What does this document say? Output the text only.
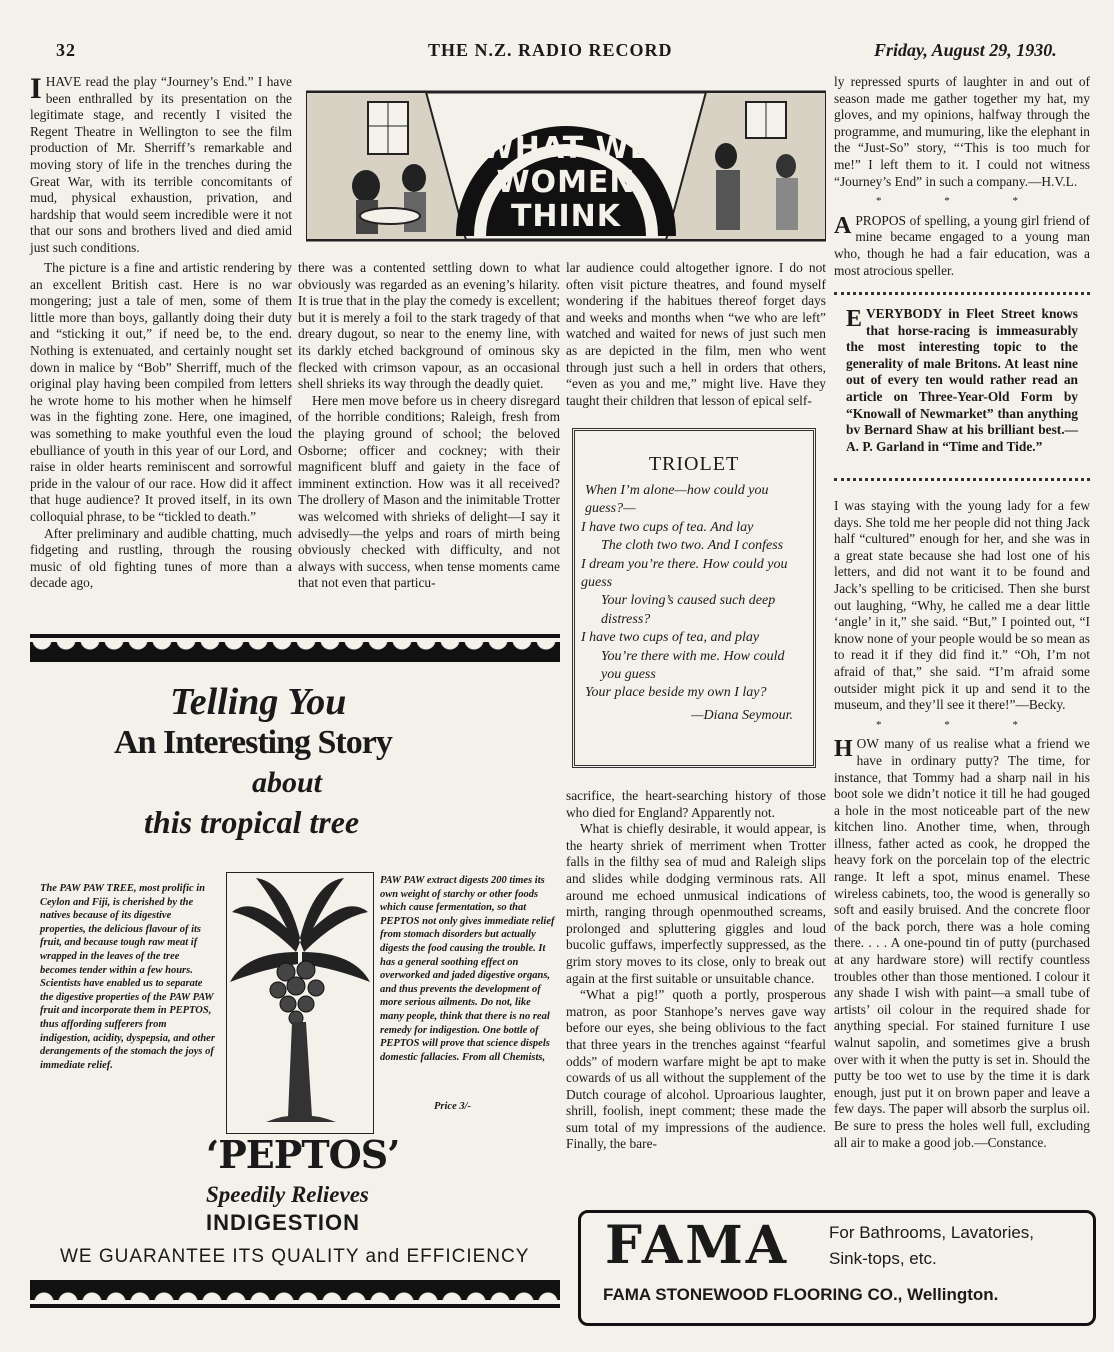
32	THE N.Z. RADIO RECORD	Friday, August 29, 1930.

IHAVE read the play “Journey’s End.” I have been enthralled by its presentation on the legitimate stage, and recently I visited the Regent Theatre in Wellington to see the film production of Mr. Sherriff’s remarkable and moving story of life in the trenches during the Great War, with its terrible concomitants of mud, physical exhaustion, privation, and hardship that would seem incredible were it not that our sons and brothers lived and died amid just such conditions.

WHAT WE
WOMEN
THINK

The picture is a fine and artistic rendering by an excellent British cast. Here is no war mongering; just a tale of men, some of them little more than boys, gallantly doing their duty and “sticking it out,” if need be, to the end. Nothing is extenuated, and certainly nought set down in malice by “Bob” Sherriff, much of the original play having been compiled from letters he wrote home to his mother when he himself was in the fighting zone. Here, one imagined, was something to make youthful even the loud ebulliance of youth in this year of our Lord, and raise in older hearts reminiscent and sorrowful pride in the valour of our race. How did it affect that huge audience? It proved itself, in its own colloquial phrase, to be “tickled to death.”

After preliminary and audible chatting, much fidgeting and rustling, through the rousing music of old fighting tunes of more than a decade ago,

there was a contented settling down to what obviously was regarded as an evening’s hilarity. It is true that in the play the comedy is excellent; but it is merely a foil to the stark tragedy of that dreary dugout, so near to the enemy line, with its darkly etched background of ominous sky flecked with crimson vapour, as an occasional shell shrieks its way through the deadly quiet.

Here men move before us in cheery disregard of the horrible conditions; Raleigh, fresh from the playing ground of school; the beloved Osborne; officer and cockney; with their magnificent bluff and gaiety in the face of imminent extinction. How was it all received? The drollery of Mason and the inimitable Trotter was welcomed with shrieks of delight—I say it advisedly—the yelps and roars of mirth being obviously checked with difficulty, and not always with success, when tense moments came that not even that particu-

lar audience could altogether ignore. I do not often visit picture theatres, and found myself wondering if the habitues thereof forget days and weeks and months when “we who are left” watched and waited for news of just such men as are depicted in the film, men who went through just such a hell in orders that others, “even as you and me,” might live. Have they taught their children that lesson of epical self-

TRIOLET
When I’m alone—how could you guess?—
I have two cups of tea. And lay
The cloth two two. And I confess
I dream you’re there. How could you guess
Your loving’s caused such deep distress?
I have two cups of tea, and play
You’re there with me. How could you guess
Your place beside my own I lay?
—Diana Seymour.

sacrifice, the heart-searching history of those who died for England? Apparently not.

What is chiefly desirable, it would appear, is the hearty shriek of merriment when Trotter falls in the filthy sea of mud and Raleigh slips and slides while dodging verminous rats. All around me echoed unmusical indications of mirth, ranging through openmouthed screams, prolonged and spluttering giggles and loud bucolic guffaws, imperfectly suppressed, as the grim story moves to its close, only to break out again at the first suitable or unsuitable chance.

“What a pig!” quoth a portly, prosperous matron, as poor Stanhope’s nerves gave way before our eyes, she being oblivious to the fact that three years in the trenches against “fearful odds” of modern warfare might be apt to make cowards of us all without the supplement of the Dutch courage of alcohol. Uproarious laughter, shrill, foolish, inept comment; these made the sum total of my impressions of the audience. Finally, the bare-

ly repressed spurts of laughter in and out of season made me gather together my hat, my gloves, and my opinions, halfway through the programme, and mumuring, like the elephant in the “Just-So” story, “‘This is too much for me!” I left them to it. I could not witness “Journey’s End” in such a company.—H.V.L.

* * *

APROPOS of spelling, a young girl friend of mine became engaged to a young man who, though he had a fair education, was a most atrocious speller.

EVERYBODY in Fleet Street knows that horse-racing is immeasurably the most interesting topic to the generality of male Britons. At least nine out of every ten would rather read an article on Three-Year-Old Form by “Knowall of Newmarket” than anything bv Bernard Shaw at his brilliant best.—A. P. Garland in “Time and Tide.”

I was staying with the young lady for a few days. She told me her people did not thing Jack half “cultured” enough for her, and she was in a great state because she had lost one of his letters, and did not want it to be found and Jack’s spelling to be criticised. Then she burst out laughing, “Why, he called me a dear little ‘angle’ in it,” she said. “But,” I pointed out, “I know none of your people would be so mean as to read it if they did find it.” “Oh, I’m not afraid of that,” she said. “I’m afraid some outsider might pick it up and send it to the museum, and they’ll see it there!”—Becky.

* * *

HOW many of us realise what a friend we have in ordinary putty? The time, for instance, that Tommy had a sharp nail in his boot sole we didn’t notice it till he had gouged a hole in the most noticeable part of the new kitchen lino. Another time, when, through illness, father acted as cook, he dropped the heavy fork on the porcelain top of the electric range. It left a spot, minus enamel. These wireless cabinets, too, the wood is generally so soft and easily bruised. And the concrete floor of the back porch, there was a hole coming there. . . . A one-pound tin of putty (purchased at any hardware store) will rectify countless troubles other than those mentioned. I colour it any shade I wish with paint—a small tube of artists’ oil colour in the required shade for anything special. For stained furniture I use walnut sapolin, and sometimes give a brush over with it when the putty is set in. Should the putty be too wet to use by the time it is dark enough, just put it on brown paper and leave a few days. The paper will absorb the surplus oil. Be sure to press the holes well full, excluding all air to make a good job.—Constance.

Telling You
An Interesting Story
about
this tropical tree
The PAW PAW TREE, most prolific in Ceylon and Fiji, is cherished by the natives because of its digestive properties, the delicious flavour of its fruit, and because tough raw meat if wrapped in the leaves of the tree becomes tender within a few hours. Scientists have enabled us to separate the digestive properties of the PAW PAW fruit and incorporate them in PEPTOS, thus affording sufferers from indigestion, acidity, dyspepsia, and other derangements of the stomach the joys of immediate relief.
PAW PAW extract digests 200 times its own weight of starchy or other foods which cause fermentation, so that PEPTOS not only gives immediate relief from stomach disorders but actually digests the food causing the trouble. It has a general soothing effect on overworked and jaded digestive organs, and thus prevents the development of more serious ailments. Do not, like many people, think that there is no real remedy for indigestion. One bottle of PEPTOS will prove that science dispels domestic fallacies. From all Chemists,
Price 3/-
‘PEPTOS’
Speedily Relieves
INDIGESTION
WE GUARANTEE ITS QUALITY and EFFICIENCY FAMA For Bathrooms, Lavatories,
Sink-tops, etc.
FAMA STONEWOOD FLOORING CO., Wellington.
